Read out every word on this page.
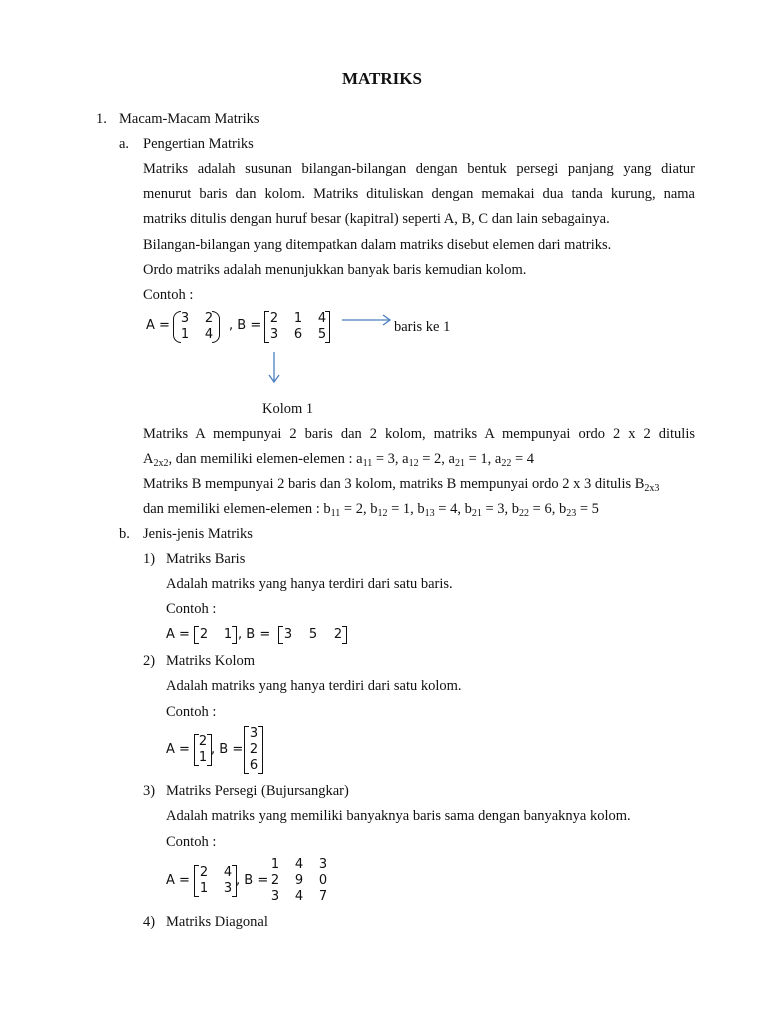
MATRIKS
1. Macam-Macam Matriks
a. Pengertian Matriks
Matriks adalah susunan bilangan-bilangan dengan bentuk persegi panjang yang diatur
menurut baris dan kolom. Matriks dituliskan dengan memakai dua tanda kurung, nama
matriks ditulis dengan huruf besar (kapitral) seperti A, B, C dan lain sebagainya.
Bilangan-bilangan yang ditempatkan dalam matriks disebut elemen dari matriks.
Ordo matriks adalah menunjukkan banyak baris kemudian kolom.
Contoh :
A = 3 2
1 4
, B = 2 1 4
3 6 5	baris ke 1
Kolom 1
Matriks A mempunyai 2 baris dan 2 kolom, matriks A mempunyai ordo 2 x 2 ditulis
$A_{2x2}$, dan memiliki elemen-elemen : $a_{11} = 3$, $a_{12} = 2$, $a_{21} = 1$, $a_{22} = 4$
Matriks B mempunyai 2 baris dan 3 kolom, matriks B mempunyai ordo 2 x 3 ditulis $B_{2x3}$
dan memiliki elemen-elemen : $b_{11} = 2$, $b_{12} = 1$, $b_{13} = 4$, $b_{21} = 3$, $b_{22} = 6$, $b_{23} = 5$
b. Jenis-jenis Matriks
1) Matriks Baris
Adalah matriks yang hanya terdiri dari satu baris.
Contoh :
A = 2 1 , B = 3 5 2
2) Matriks Kolom
Adalah matriks yang hanya terdiri dari satu kolom.
Contoh :
A =
2
1
, B =
3
2
6
3) Matriks Persegi (Bujursangkar)
Adalah matriks yang memiliki banyaknya baris sama dengan banyaknya kolom.
Contoh :
A =
2 4
1 3
, B =
1 4 3
2 9 0
3 4 7
4) Matriks Diagonal
